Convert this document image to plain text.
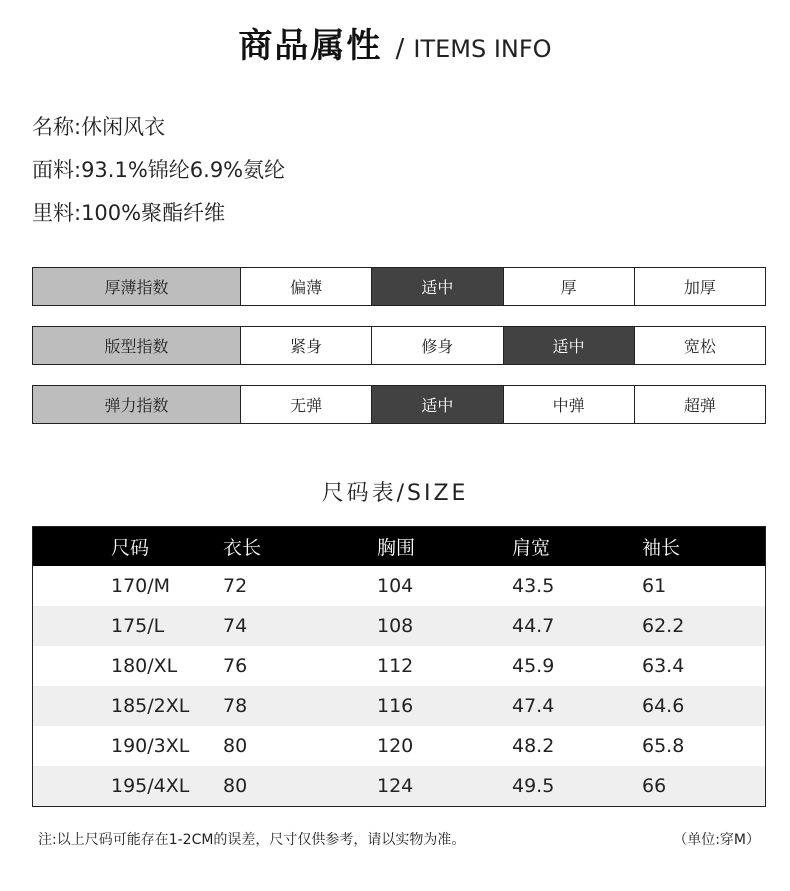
商品属性 / ITEMS INFO
名称:休闲风衣
面料:93.1%锦纶6.9%氨纶
里料:100%聚酯纤维
厚薄指数	偏薄	适中	厚	加厚
版型指数	紧身	修身	适中	宽松
弹力指数	无弹	适中	中弹	超弹
尺码表/SIZE
尺码	衣长	胸围	肩宽	袖长
170/M	72	104	43.5	61
175/L	74	108	44.7	62.2
180/XL	76	112	45.9	63.4
185/2XL	78	116	47.4	64.6
190/3XL	80	120	48.2	65.8
195/4XL	80	124	49.5	66
注:以上尺码可能存在1-2CM的误差，尺寸仅供参考，请以实物为准。	（单位:穿M）
